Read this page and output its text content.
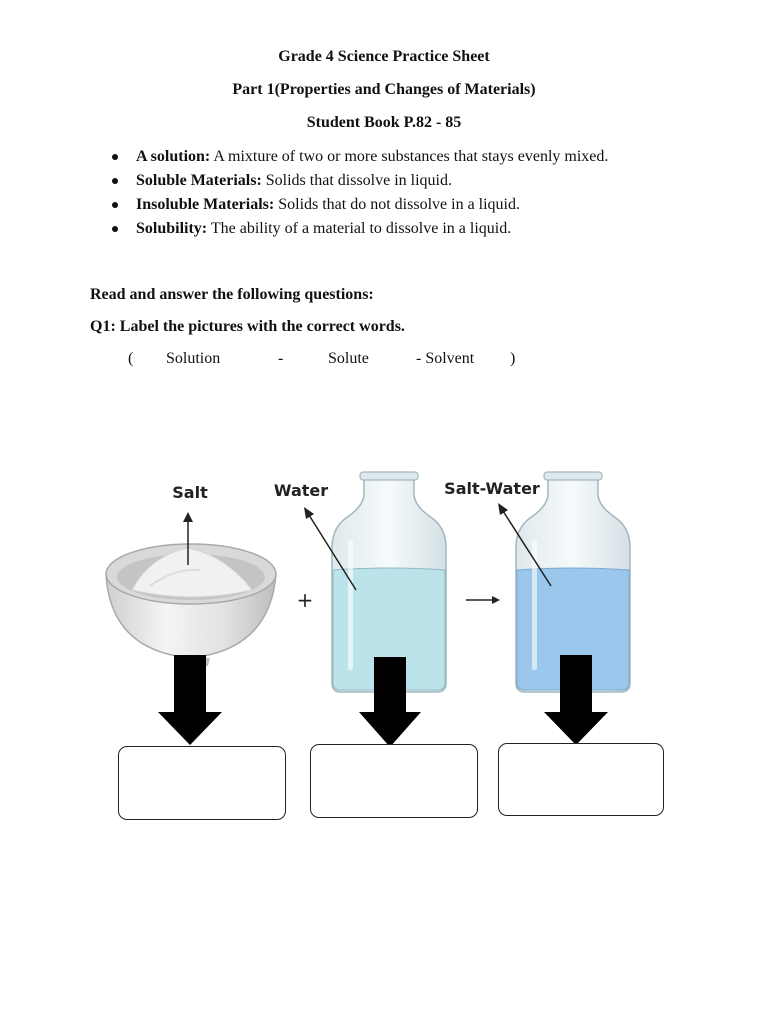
Grade 4 Science Practice Sheet
Part 1(Properties and Changes of Materials)
Student Book P.82 - 85
A solution: A mixture of two or more substances that stays evenly mixed.
Soluble Materials: Solids that dissolve in liquid.
Insoluble Materials: Solids that do not dissolve in a liquid.
Solubility: The ability of a material to dissolve in a liquid.
Read and answer the following questions:
Q1: Label the pictures with the correct words.
( Solution	-	Solute	- Solvent )
Salt
+
Water	Salt-Water
